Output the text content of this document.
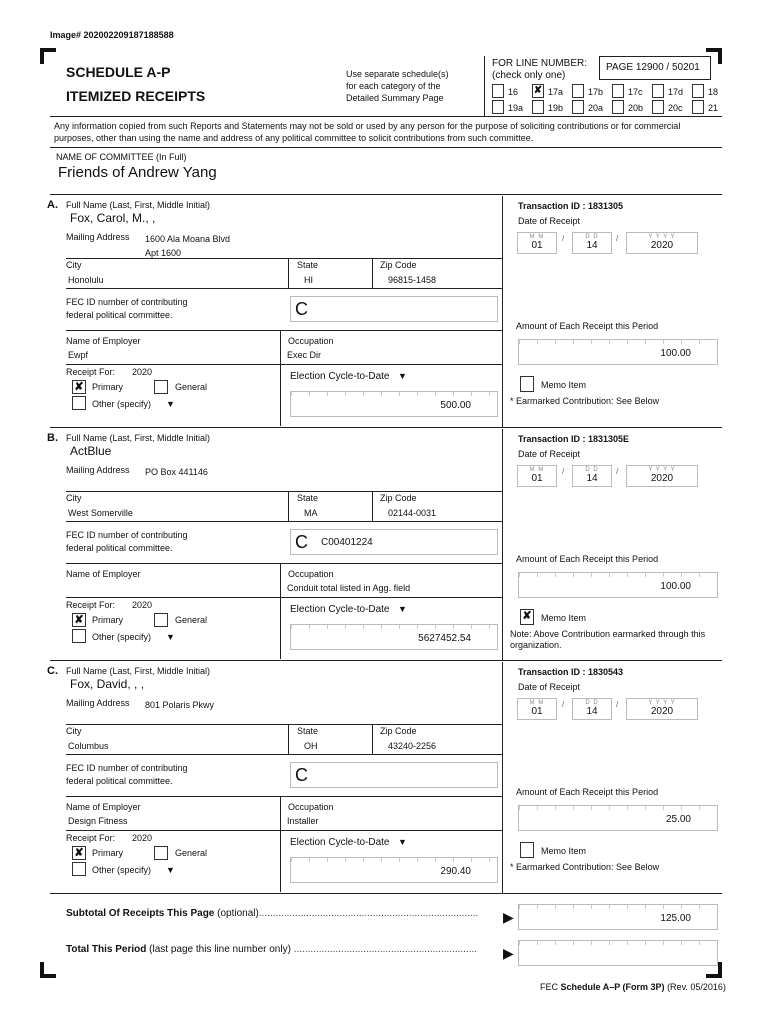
Image# 202002209187188588
SCHEDULE A-P
ITEMIZED RECEIPTS
Use separate schedule(s)
for each category of the
Detailed Summary Page
FOR LINE NUMBER:
(check only one)
PAGE 12900 / 50201
16 ✘ 17a	17b	17c	17d	18
19a	19b	20a	20b	20c	21
Any information copied from such Reports and Statements may not be sold or used by any person for the purpose of soliciting contributions or for commercial purposes, other than using the name and address of any political committee to solicit contributions from such committee.
NAME OF COMMITTEE (In Full)
Friends of Andrew Yang
A. Full Name (Last, First, Middle Initial)
Fox, Carol, M., ,
Mailing Address 1600 Ala Moana Blvd
Apt 1600
City
Honolulu
State
HI
Zip Code
96815-1458
FEC ID number of contributing
federal political committee.	C
Name of Employer
Ewpf
Occupation
Exec Dir
Receipt For: 2020
✘ Primary	General
Other (specify) ▼
Election Cycle-to-Date ▼
500.00
Transaction ID : 1831305
Date of Receipt
M M
01
/	D D
14
/	Y Y Y Y
2020
Amount of Each Receipt this Period
100.00
Memo Item
* Earmarked Contribution: See Below
B. Full Name (Last, First, Middle Initial)
ActBlue
Mailing Address PO Box 441146
City
West Somerville
State
MA
Zip Code
02144-0031
FEC ID number of contributing
federal political committee.	C C00401224
Name of Employer	Occupation
Conduit total listed in Agg. field
Receipt For: 2020
✘ Primary	General
Other (specify) ▼
Election Cycle-to-Date ▼
5627452.54
Transaction ID : 1831305E
Date of Receipt
M M
01
/	D D
14
/	Y Y Y Y
2020
Amount of Each Receipt this Period
100.00
✘ Memo Item
Note: Above Contribution earmarked through this organization.
C. Full Name (Last, First, Middle Initial)
Fox, David, , ,
Mailing Address 801 Polaris Pkwy
City
Columbus
State
OH
Zip Code
43240-2256
FEC ID number of contributing
federal political committee.	C
Name of Employer
Design Fitness
Occupation
Installer
Receipt For: 2020
✘ Primary	General
Other (specify) ▼
Election Cycle-to-Date ▼
290.40
Transaction ID : 1830543
Date of Receipt
M M
01
/	D D
14
/	Y Y Y Y
2020
Amount of Each Receipt this Period
25.00
Memo Item
* Earmarked Contribution: See Below
Subtotal Of Receipts This Page (optional)............................................................................... ▶	125.00
Total This Period (last page this line number only) .................................................................. ▶
FEC Schedule A–P (Form 3P) (Rev. 05/2016)
